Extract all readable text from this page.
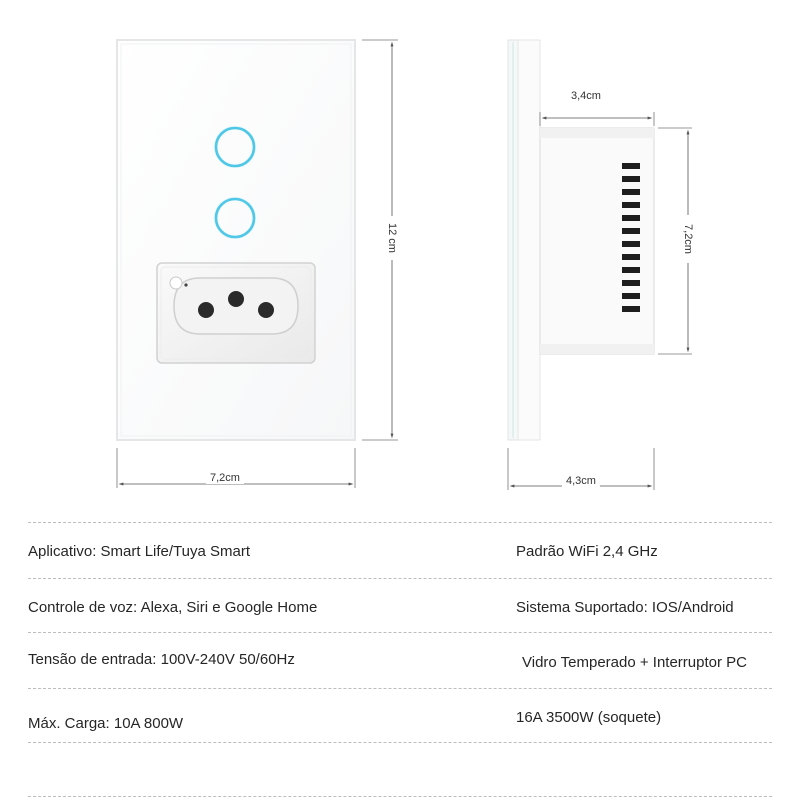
7,2cm
12 cm
3,4cm
7,2cm
4,3cm
Aplicativo: Smart Life/Tuya Smart
Controle de voz: Alexa, Siri e Google Home
Tensão de entrada: 100V-240V 50/60Hz
Máx. Carga: 10A 800W
Padrão WiFi 2,4 GHz
Sistema Suportado: IOS/Android
Vidro Temperado + Interruptor PC
16A 3500W (soquete)
